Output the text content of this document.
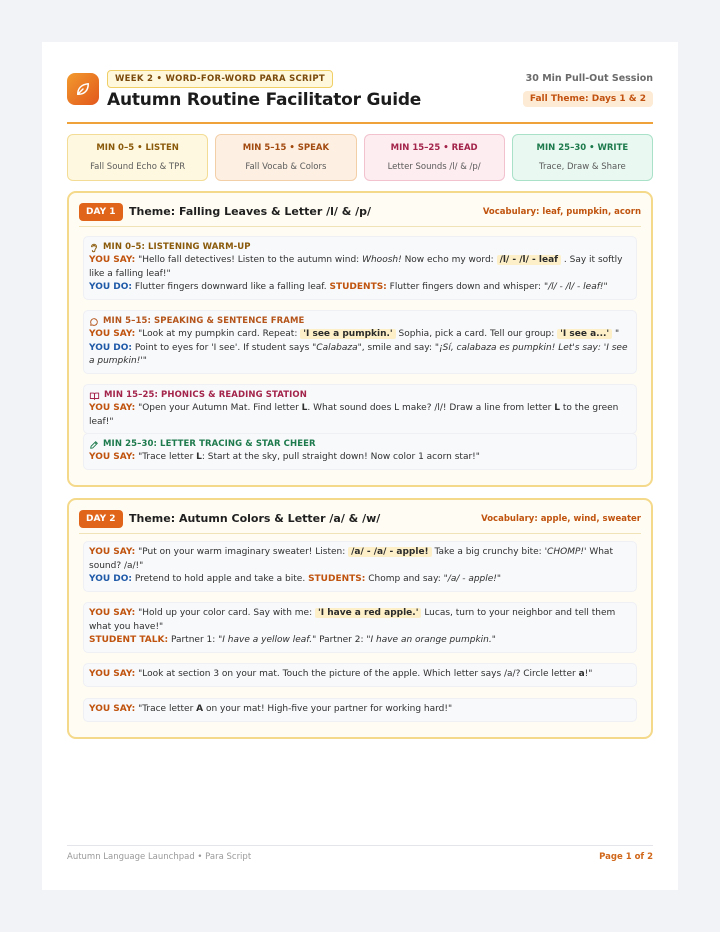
WEEK 2 • WORD-FOR-WORD PARA SCRIPT
Autumn Routine Facilitator Guide
30 Min Pull-Out Session
Fall Theme: Days 1 & 2
MIN 0–5 • LISTEN
Fall Sound Echo & TPR
MIN 5–15 • SPEAK
Fall Vocab & Colors
MIN 15–25 • READ
Letter Sounds /l/ & /p/
MIN 25–30 • WRITE
Trace, Draw & Share
DAY 1	Theme: Falling Leaves & Letter /l/ & /p/	Vocabulary: leaf, pumpkin, acorn
MIN 0–5: LISTENING WARM-UP
YOU SAY: "Hello fall detectives! Listen to the autumn wind: Whoosh! Now echo my word: /l/ - /l/ - leaf . Say it softly like a falling leaf!"
YOU DO: Flutter fingers downward like a falling leaf. STUDENTS: Flutter fingers down and whisper: "/l/ - /l/ - leaf!"
MIN 5–15: SPEAKING & SENTENCE FRAME
YOU SAY: "Look at my pumpkin card. Repeat: 'I see a pumpkin.' Sophia, pick a card. Tell our group: 'I see a...' "
YOU DO: Point to eyes for 'I see'. If student says "Calabaza", smile and say: "¡Sí, calabaza es pumpkin! Let's say: 'I see a pumpkin!'"
MIN 15–25: PHONICS & READING STATION
YOU SAY: "Open your Autumn Mat. Find letter L. What sound does L make? /l/! Draw a line from letter L to the green leaf!"
MIN 25–30: LETTER TRACING & STAR CHEER
YOU SAY: "Trace letter L: Start at the sky, pull straight down! Now color 1 acorn star!"
DAY 2	Theme: Autumn Colors & Letter /a/ & /w/	Vocabulary: apple, wind, sweater
YOU SAY: "Put on your warm imaginary sweater! Listen: /a/ - /a/ - apple! Take a big crunchy bite: 'CHOMP!' What sound? /a/!"
YOU DO: Pretend to hold apple and take a bite. STUDENTS: Chomp and say: "/a/ - apple!"
YOU SAY: "Hold up your color card. Say with me: 'I have a red apple.' Lucas, turn to your neighbor and tell them what you have!"
STUDENT TALK: Partner 1: "I have a yellow leaf." Partner 2: "I have an orange pumpkin."
YOU SAY: "Look at section 3 on your mat. Touch the picture of the apple. Which letter says /a/? Circle letter a!"
YOU SAY: "Trace letter A on your mat! High-five your partner for working hard!"
Autumn Language Launchpad • Para Script	Page 1 of 2
